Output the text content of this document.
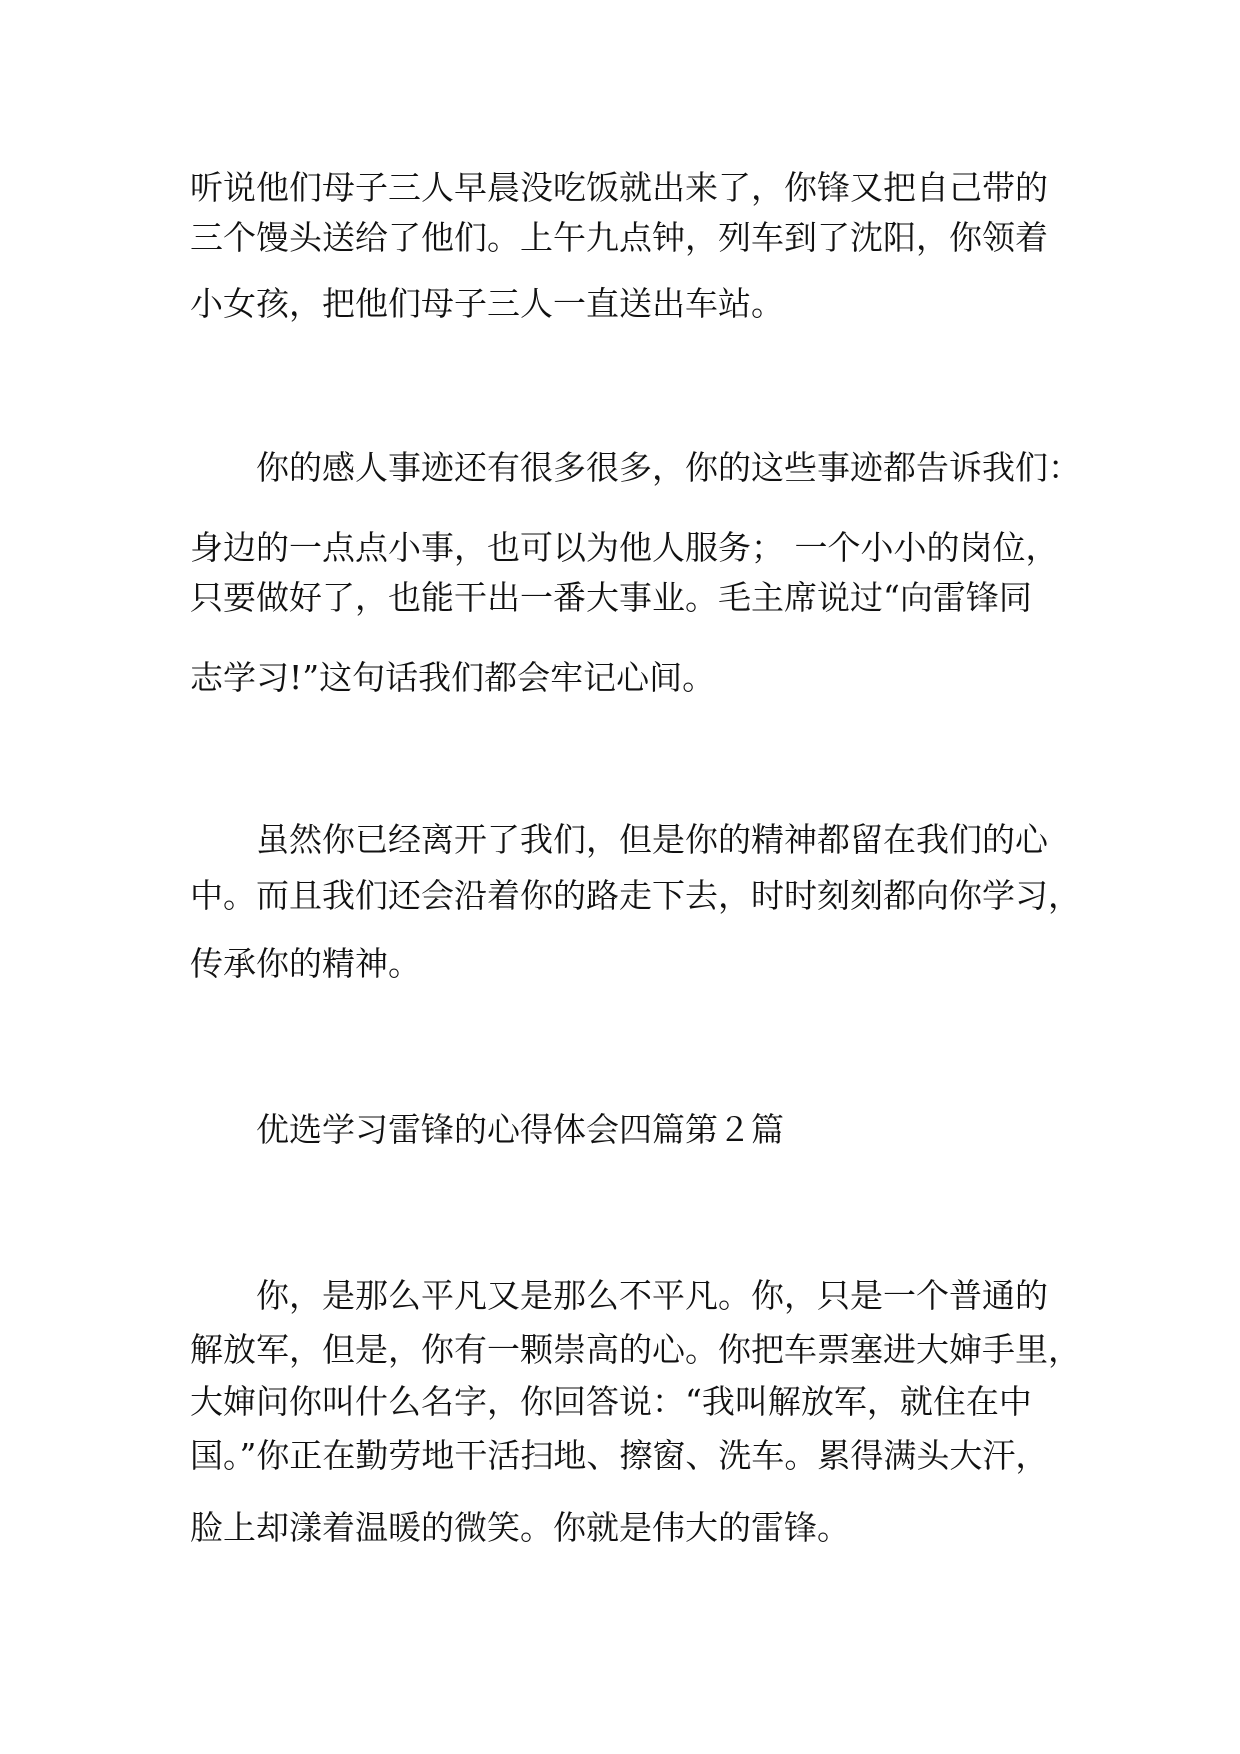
听说他们母子三人早晨没吃饭就出来了，你锋又把自己带的
三个馒头送给了他们。上午九点钟，列车到了沈阳，你领着
小女孩，把他们母子三人一直送出车站。
你的感人事迹还有很多很多，你的这些事迹都告诉我们：
身边的一点点小事，也可以为他人服务； 一个小小的岗位，
只要做好了，也能干出一番大事业。毛主席说过“向雷锋同
志学习!”这句话我们都会牢记心间。
虽然你已经离开了我们，但是你的精神都留在我们的心
中。而且我们还会沿着你的路走下去，时时刻刻都向你学习，
传承你的精神。
优选学习雷锋的心得体会四篇第２篇
你，是那么平凡又是那么不平凡。你，只是一个普通的
解放军，但是，你有一颗崇高的心。你把车票塞进大婶手里，
大婶问你叫什么名字，你回答说：“我叫解放军，就住在中
国。”你正在勤劳地干活扫地、擦窗、洗车。累得满头大汗，
脸上却漾着温暖的微笑。你就是伟大的雷锋。
